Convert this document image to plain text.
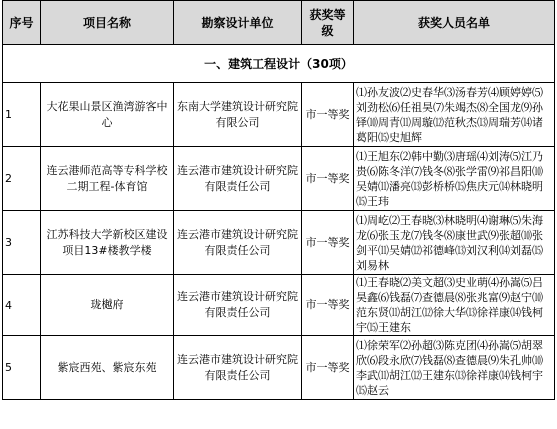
序号	项目名称	勘察设计单位	获奖等级	获奖人员名单
一、建筑工程设计（30项）				
1	大花果山景区渔湾游客中心	东南大学建筑设计研究院有限公司	市一等奖	⑴孙友波⑵史春华⑶汤春芳⑷顾婷婷⑸刘劲松⑹任祖昊⑺朱竭杰⑻全国龙⑼孙铎⑽周青⑾周璇⑿范秋杰⒀周瑞芳⒁诸葛阳⒂史旭辉
2	连云港师范高等专科学校二期工程-体育馆	连云港市建筑设计研究院有限责任公司	市一等奖	⑴王旭东⑵韩中勤⑶唐瑶⑷刘涛⑸江乃贵⑹陈冬洋⑺钱冬⑻张学雷⑼祁昌阳⑽吴婧⑾潘亮⒀彭桥桥⒂焦庆元⒁林晓明⒂王玮
3	江苏科技大学新校区建设项目13#楼教学楼	连云港市建筑设计研究院有限责任公司	市一等奖	⑴周屹⑵王春晓⑶林晓明⑷谢琳⑸朱海龙⑹张玉龙⑺钱冬⑻康世武⑼张超⑽张剑平⑾吴婧⑿祁德峰⒀刘汉利⒁刘磊⒂刘易林
4	珑樾府	连云港市建筑设计研究院有限责任公司	市一等奖	⑴王春晓⑵美文超⑶史业萌⑷孙嵩⑸吕昊鑫⑹钱磊⑺查德晨⑻张兆富⑼赵宁⑽范东贤⑾胡江⑿徐大华⒀徐祥康⒁钱柯宇⒂王建东
5	紫宸西苑、紫宸东苑	连云港市建筑设计研究院有限责任公司	市一等奖	⑴徐荣军⑵孙超⑶陈克团⑷孙嵩⑸胡翠欣⑹段永欣⑺钱磊⑻查德晨⑼朱孔帅⑽李武⑾胡江⑿王建东⒀徐祥康⒁钱柯宇⒂赵云
